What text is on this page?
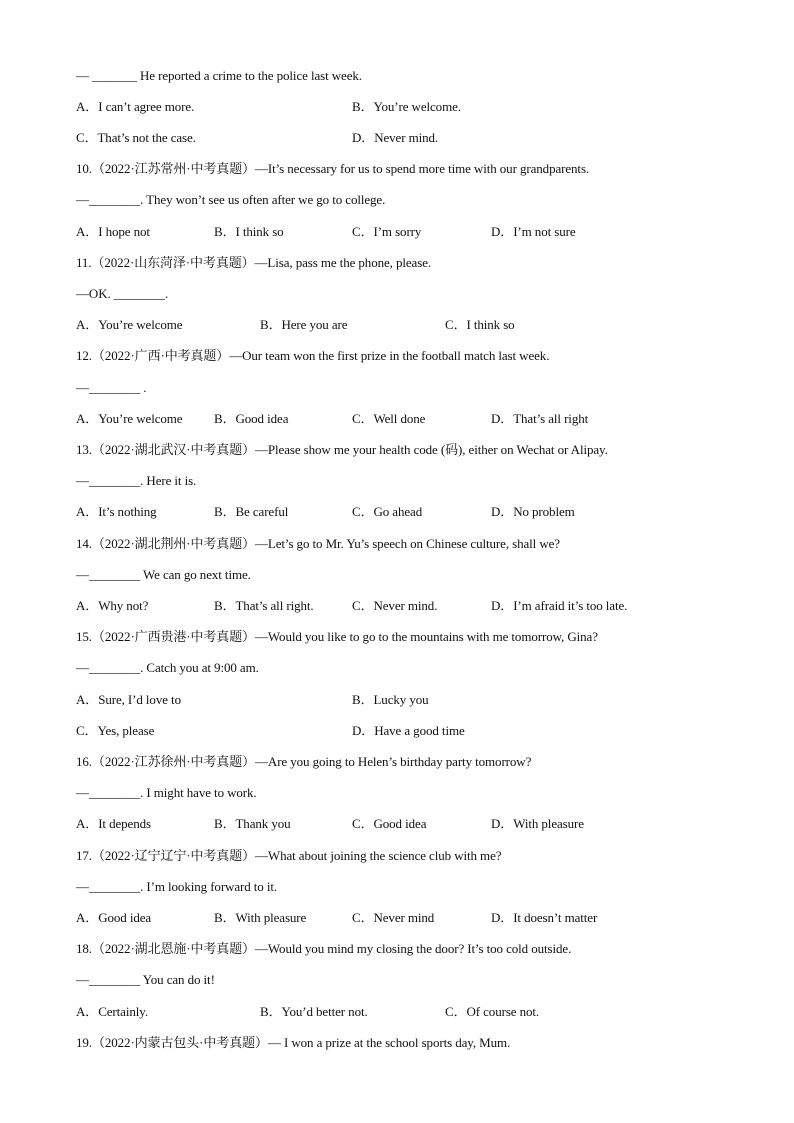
— _______ He reported a crime to the police last week.
A．I can’t agree more.	B．You’re welcome.
C．That’s not the case.	D．Never mind.
10.（2022·江苏常州·中考真题）—It’s necessary for us to spend more time with our grandparents.
—________. They won’t see us often after we go to college.
A．I hope not	B．I think so	C．I’m sorry	D．I’m not sure
11.（2022·山东菏泽·中考真题）—Lisa, pass me the phone, please.
—OK. ________.
A．You’re welcome	B．Here you are	C．I think so
12.（2022·广西·中考真题）—Our team won the first prize in the football match last week.
—________ .
A．You’re welcome B．Good idea	C．Well done	D．That’s all right
13.（2022·湖北武汉·中考真题）—Please show me your health code (码), either on Wechat or Alipay.
—________. Here it is.
A．It’s nothing	B．Be careful	C．Go ahead	D．No problem
14.（2022·湖北荆州·中考真题）—Let’s go to Mr. Yu’s speech on Chinese culture, shall we?
—________ We can go next time.
A．Why not?	B．That’s all right.	C．Never mind.	D．I’m afraid it’s too late.
15.（2022·广西贵港·中考真题）—Would you like to go to the mountains with me tomorrow, Gina?
—________. Catch you at 9:00 am.
A．Sure, I’d love to	B．Lucky you
C．Yes, please	D．Have a good time
16.（2022·江苏徐州·中考真题）—Are you going to Helen’s birthday party tomorrow?
—________. I might have to work.
A．It depends	B．Thank you	C．Good idea	D．With pleasure
17.（2022·辽宁辽宁·中考真题）—What about joining the science club with me?
—________. I’m looking forward to it.
A．Good idea	B．With pleasure	C．Never mind	D．It doesn’t matter
18.（2022·湖北恩施·中考真题）—Would you mind my closing the door? It’s too cold outside.
—________ You can do it!
A．Certainly.	B．You’d better not.	C．Of course not.
19.（2022·内蒙古包头·中考真题）— I won a prize at the school sports day, Mum.
